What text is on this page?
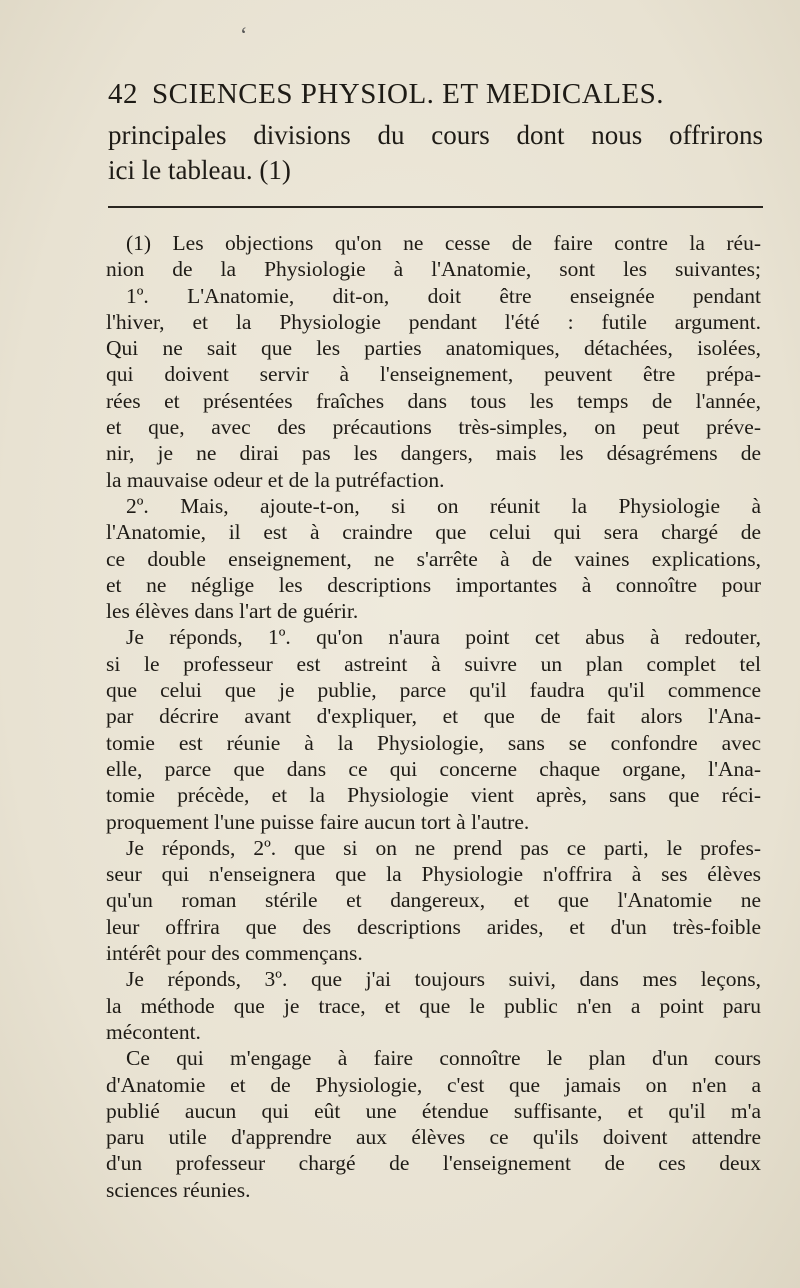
ʻ
42 SCIENCES PHYSIOL. ET MEDICALES.
principales divisions du cours dont nous offrirons
ici le tableau. (1)
(1) Les objections qu'on ne cesse de faire contre la réu-
nion de la Physiologie à l'Anatomie, sont les suivantes;
1º. L'Anatomie, dit-on, doit être enseignée pendant
l'hiver, et la Physiologie pendant l'été : futile argument.
Qui ne sait que les parties anatomiques, détachées, isolées,
qui doivent servir à l'enseignement, peuvent être prépa-
rées et présentées fraîches dans tous les temps de l'année,
et que, avec des précautions très-simples, on peut préve-
nir, je ne dirai pas les dangers, mais les désagrémens de
la mauvaise odeur et de la putréfaction.
2º. Mais, ajoute-t-on, si on réunit la Physiologie à
l'Anatomie, il est à craindre que celui qui sera chargé de
ce double enseignement, ne s'arrête à de vaines explications,
et ne néglige les descriptions importantes à connoître pour
les élèves dans l'art de guérir.
Je réponds, 1º. qu'on n'aura point cet abus à redouter,
si le professeur est astreint à suivre un plan complet tel
que celui que je publie, parce qu'il faudra qu'il commence
par décrire avant d'expliquer, et que de fait alors l'Ana-
tomie est réunie à la Physiologie, sans se confondre avec
elle, parce que dans ce qui concerne chaque organe, l'Ana-
tomie précède, et la Physiologie vient après, sans que réci-
proquement l'une puisse faire aucun tort à l'autre.
Je réponds, 2º. que si on ne prend pas ce parti, le profes-
seur qui n'enseignera que la Physiologie n'offrira à ses élèves
qu'un roman stérile et dangereux, et que l'Anatomie ne
leur offrira que des descriptions arides, et d'un très-foible
intérêt pour des commençans.
Je réponds, 3º. que j'ai toujours suivi, dans mes leçons,
la méthode que je trace, et que le public n'en a point paru
mécontent.
Ce qui m'engage à faire connoître le plan d'un cours
d'Anatomie et de Physiologie, c'est que jamais on n'en a
publié aucun qui eût une étendue suffisante, et qu'il m'a
paru utile d'apprendre aux élèves ce qu'ils doivent attendre
d'un professeur chargé de l'enseignement de ces deux
sciences réunies.
